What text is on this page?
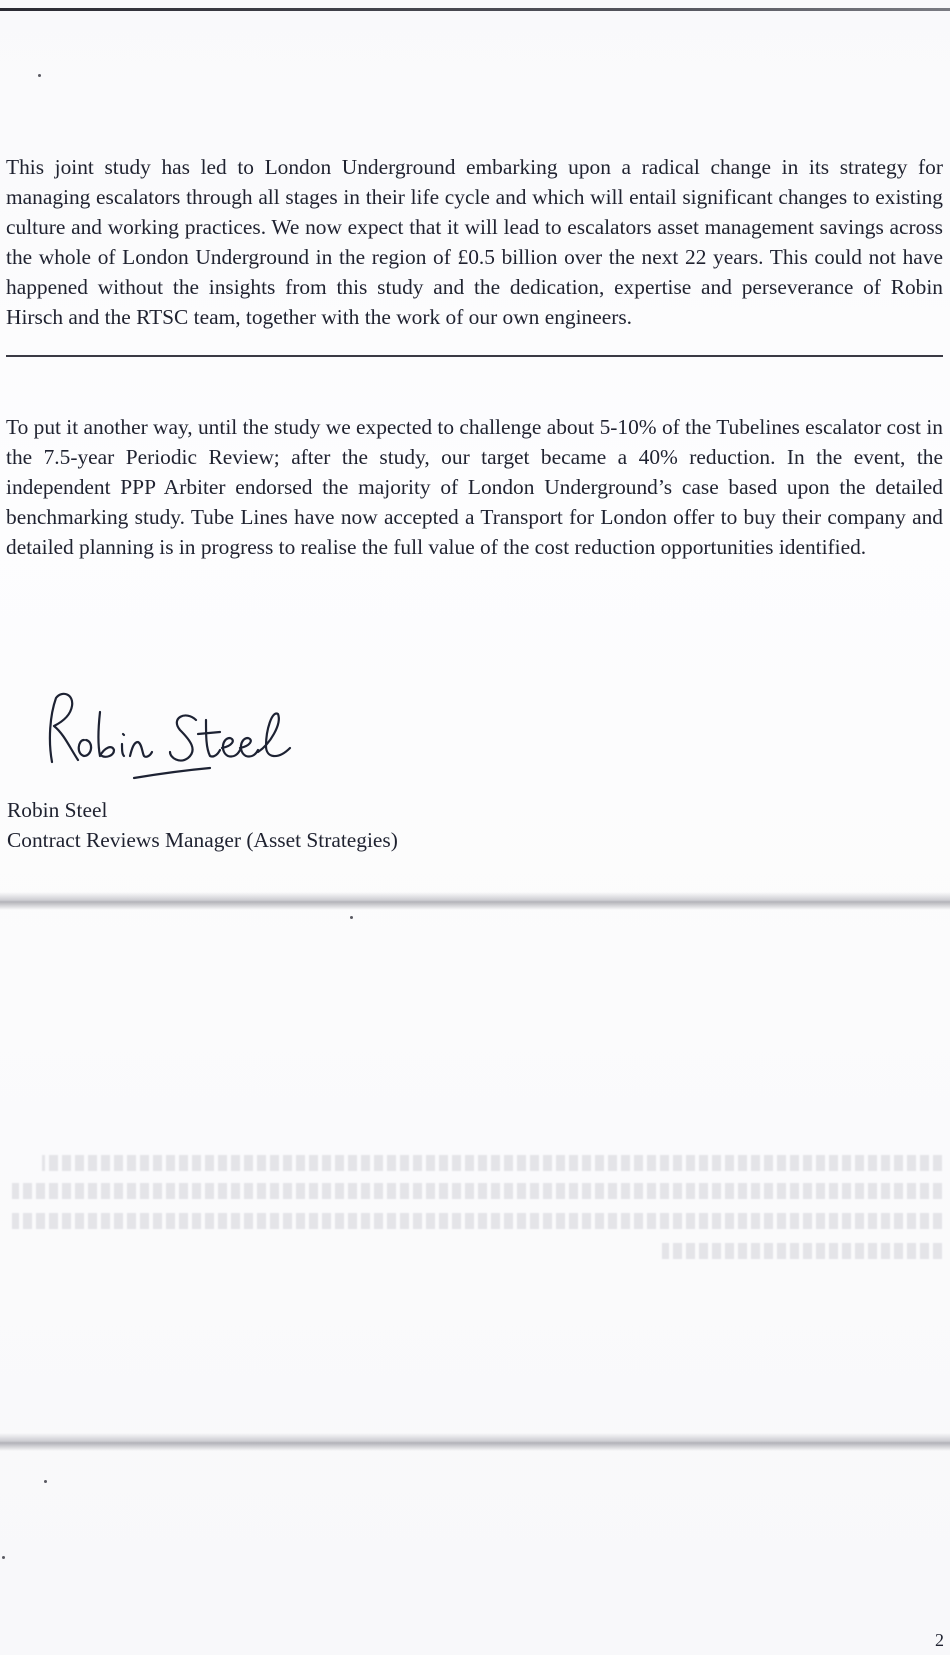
This joint study has led to London Underground embarking upon a radical change in its strategy for managing escalators through all stages in their life cycle and which will entail significant changes to existing culture and working practices. We now expect that it will lead to escalators asset management savings across the whole of London Underground in the region of £0.5 billion over the next 22 years. This could not have happened without the insights from this study and the dedication, expertise and perseverance of Robin Hirsch and the RTSC team, together with the work of our own engineers.

To put it another way, until the study we expected to challenge about 5-10% of the Tubelines escalator cost in the 7.5-year Periodic Review; after the study, our target became a 40% reduction. In the event, the independent PPP Arbiter endorsed the majority of London Underground’s case based upon the detailed benchmarking study. Tube Lines have now accepted a Transport for London offer to buy their company and detailed planning is in progress to realise the full value of the cost reduction opportunities identified.

Robin Steel

Contract Reviews Manager (Asset Strategies)

2
